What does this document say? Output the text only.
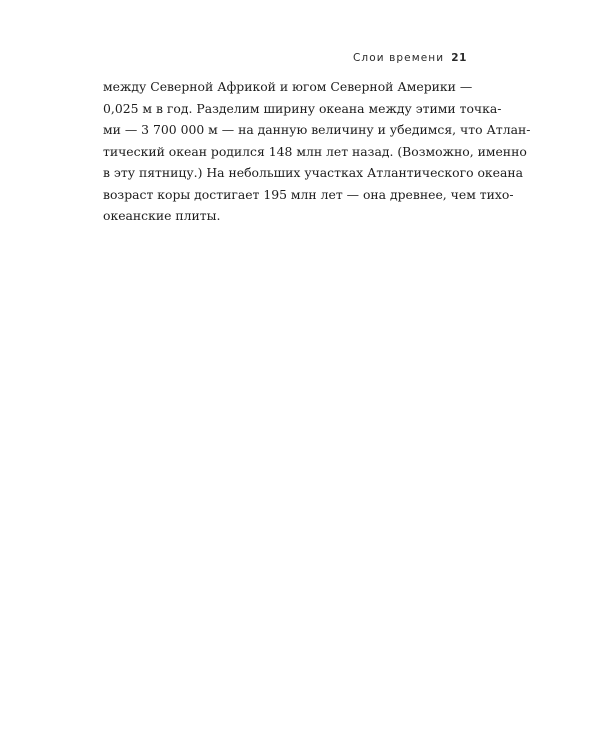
Слои времени 21
между Северной Африкой и югом Северной Америки —
0,025 м в год. Разделим ширину океана между этими точка-
ми — 3 700 000 м — на данную величину и убедимся, что Атлан-
тический океан родился 148 млн лет назад. (Возможно, именно
в эту пятницу.) На небольших участках Атлантического океана
возраст коры достигает 195 млн лет — она древнее, чем тихо-
океанские плиты.
